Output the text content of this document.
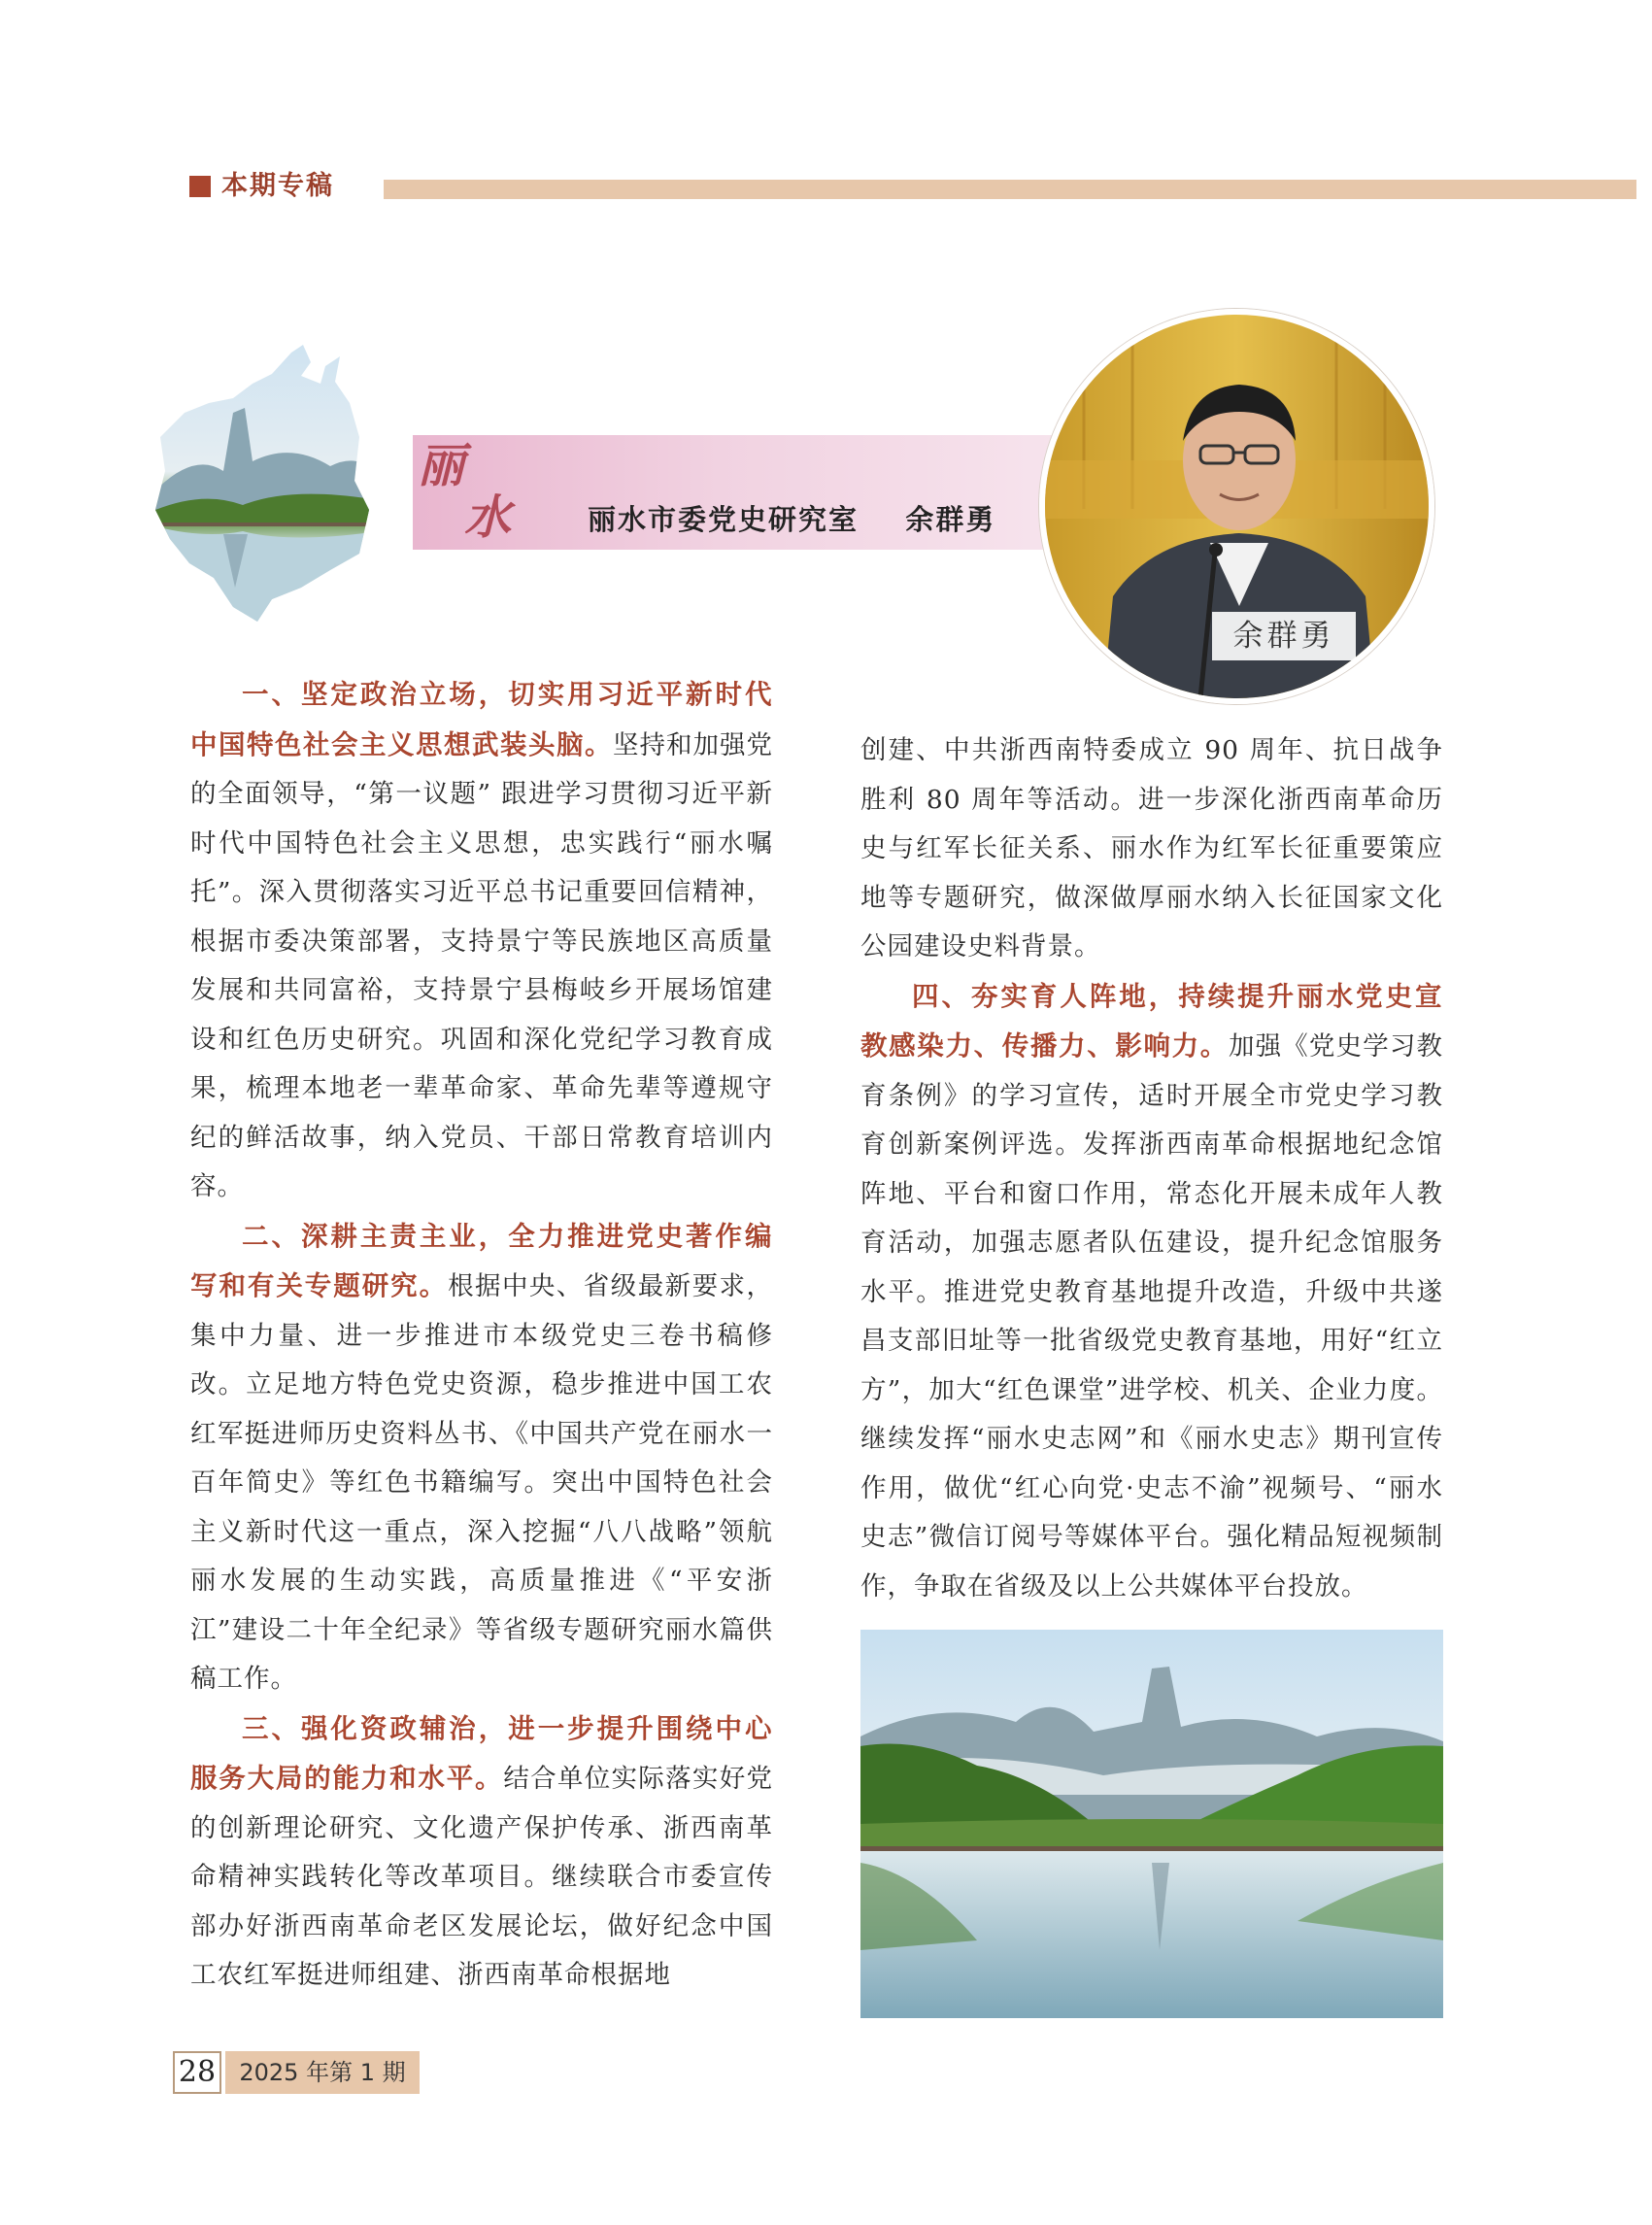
本期专稿
丽
水	丽水市委党史研究室    余群勇
余群勇

一、坚定政治立场，切实用习近平新时代中国特色社会主义思想武装头脑。坚持和加强党的全面领导，“第一议题” 跟进学习贯彻习近平新时代中国特色社会主义思想，忠实践行“丽水嘱托”。深入贯彻落实习近平总书记重要回信精神，根据市委决策部署，支持景宁等民族地区高质量发展和共同富裕，支持景宁县梅岐乡开展场馆建设和红色历史研究。巩固和深化党纪学习教育成果，梳理本地老一辈革命家、革命先辈等遵规守纪的鲜活故事，纳入党员、干部日常教育培训内容。

二、深耕主责主业，全力推进党史著作编写和有关专题研究。根据中央、省级最新要求，集中力量、进一步推进市本级党史三卷书稿修改。立足地方特色党史资源，稳步推进中国工农红军挺进师历史资料丛书、《中国共产党在丽水一百年简史》等红色书籍编写。突出中国特色社会主义新时代这一重点，深入挖掘“八八战略”领航丽水发展的生动实践，高质量推进《“平安浙江”建设二十年全纪录》等省级专题研究丽水篇供稿工作。

三、强化资政辅治，进一步提升围绕中心服务大局的能力和水平。结合单位实际落实好党的创新理论研究、文化遗产保护传承、浙西南革命精神实践转化等改革项目。继续联合市委宣传部办好浙西南革命老区发展论坛，做好纪念中国工农红军挺进师组建、浙西南革命根据地

创建、中共浙西南特委成立 90 周年、抗日战争胜利 80 周年等活动。进一步深化浙西南革命历史与红军长征关系、丽水作为红军长征重要策应地等专题研究，做深做厚丽水纳入长征国家文化公园建设史料背景。

四、夯实育人阵地，持续提升丽水党史宣教感染力、传播力、影响力。加强《党史学习教育条例》的学习宣传，适时开展全市党史学习教育创新案例评选。发挥浙西南革命根据地纪念馆阵地、平台和窗口作用，常态化开展未成年人教育活动，加强志愿者队伍建设，提升纪念馆服务水平。推进党史教育基地提升改造，升级中共遂昌支部旧址等一批省级党史教育基地，用好“红立方”，加大“红色课堂”进学校、机关、企业力度。继续发挥“丽水史志网”和《丽水史志》期刊宣传作用，做优“红心向党·史志不渝”视频号、“丽水史志”微信订阅号等媒体平台。强化精品短视频制作，争取在省级及以上公共媒体平台投放。

28	2025 年第 1 期
